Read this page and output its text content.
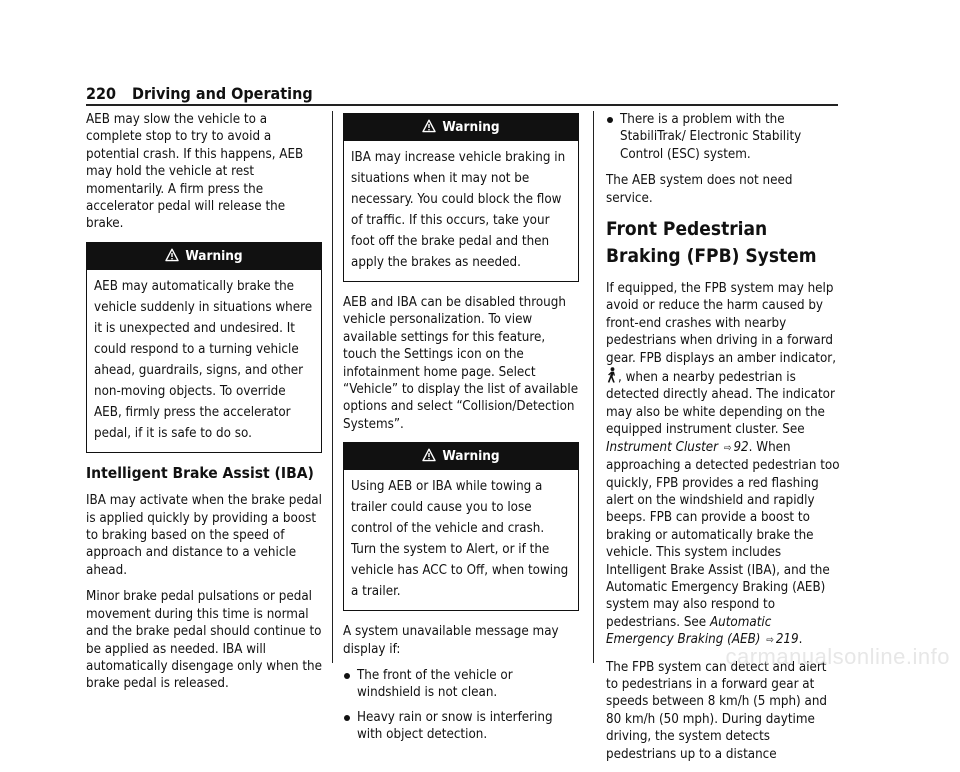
220 Driving and Operating

AEB may slow the vehicle to a complete stop to try to avoid a potential crash. If this happens, AEB may hold the vehicle at rest momentarily. A firm press the accelerator pedal will release the brake.

Warning
AEB may automatically brake the vehicle suddenly in situations where it is unexpected and undesired. It could respond to a turning vehicle ahead, guardrails, signs, and other non-moving objects. To override AEB, firmly press the accelerator pedal, if it is safe to do so.
Intelligent Brake Assist (IBA)

IBA may activate when the brake pedal is applied quickly by providing a boost to braking based on the speed of approach and distance to a vehicle ahead.

Minor brake pedal pulsations or pedal movement during this time is normal and the brake pedal should continue to be applied as needed. IBA will automatically disengage only when the brake pedal is released.

Warning
IBA may increase vehicle braking in situations when it may not be necessary. You could block the flow of traffic. If this occurs, take your foot off the brake pedal and then apply the brakes as needed.

AEB and IBA can be disabled through vehicle personalization. To view available settings for this feature, touch the Settings icon on the infotainment home page. Select “Vehicle” to display the list of available options and select “Collision/Detection Systems”.

Warning
Using AEB or IBA while towing a trailer could cause you to lose control of the vehicle and crash. Turn the system to Alert, or if the vehicle has ACC to Off, when towing a trailer.

A system unavailable message may display if:

The front of the vehicle or windshield is not clean.
Heavy rain or snow is interfering with object detection.
There is a problem with the StabiliTrak/ Electronic Stability Control (ESC) system.

The AEB system does not need service.

Front Pedestrian Braking (FPB) System

If equipped, the FPB system may help avoid or reduce the harm caused by front-end crashes with nearby pedestrians when driving in a forward gear. FPB displays an amber indicator,, when a nearby pedestrian is detected directly ahead. The indicator may also be white depending on the equipped instrument cluster. See Instrument Cluster ⇨ 92. When approaching a detected pedestrian too quickly, FPB provides a red flashing alert on the windshield and rapidly beeps. FPB can provide a boost to braking or automatically brake the vehicle. This system includes Intelligent Brake Assist (IBA), and the Automatic Emergency Braking (AEB) system may also respond to pedestrians. See Automatic Emergency Braking (AEB) ⇨ 219.

The FPB system can detect and alert to pedestrians in a forward gear at speeds between 8 km/h (5 mph) and 80 km/h (50 mph). During daytime driving, the system detects pedestrians up to a distance

carmanualsonline.info
